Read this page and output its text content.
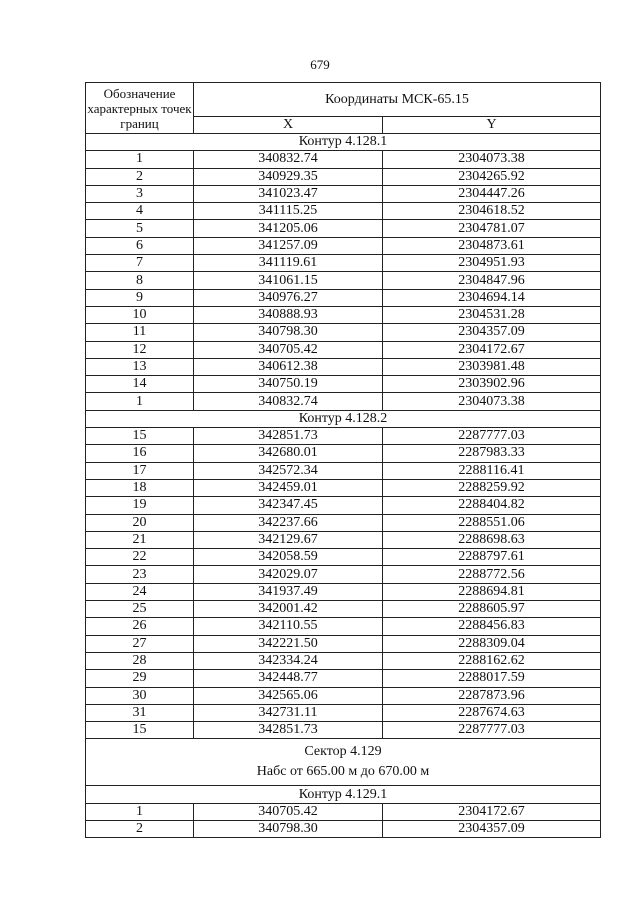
679
Обозначение характерных точек границ	Координаты МСК-65.15	
	X	Y
Контур 4.128.1		
1	340832.74	2304073.38
2	340929.35	2304265.92
3	341023.47	2304447.26
4	341115.25	2304618.52
5	341205.06	2304781.07
6	341257.09	2304873.61
7	341119.61	2304951.93
8	341061.15	2304847.96
9	340976.27	2304694.14
10	340888.93	2304531.28
11	340798.30	2304357.09
12	340705.42	2304172.67
13	340612.38	2303981.48
14	340750.19	2303902.96
1	340832.74	2304073.38
Контур 4.128.2		
15	342851.73	2287777.03
16	342680.01	2287983.33
17	342572.34	2288116.41
18	342459.01	2288259.92
19	342347.45	2288404.82
20	342237.66	2288551.06
21	342129.67	2288698.63
22	342058.59	2288797.61
23	342029.07	2288772.56
24	341937.49	2288694.81
25	342001.42	2288605.97
26	342110.55	2288456.83
27	342221.50	2288309.04
28	342334.24	2288162.62
29	342448.77	2288017.59
30	342565.06	2287873.96
31	342731.11	2287674.63
15	342851.73	2287777.03

Сектор 4.129
Набс от 665.00 м до 670.00 м		

Контур 4.129.1		
1	340705.42	2304172.67
2	340798.30	2304357.09
